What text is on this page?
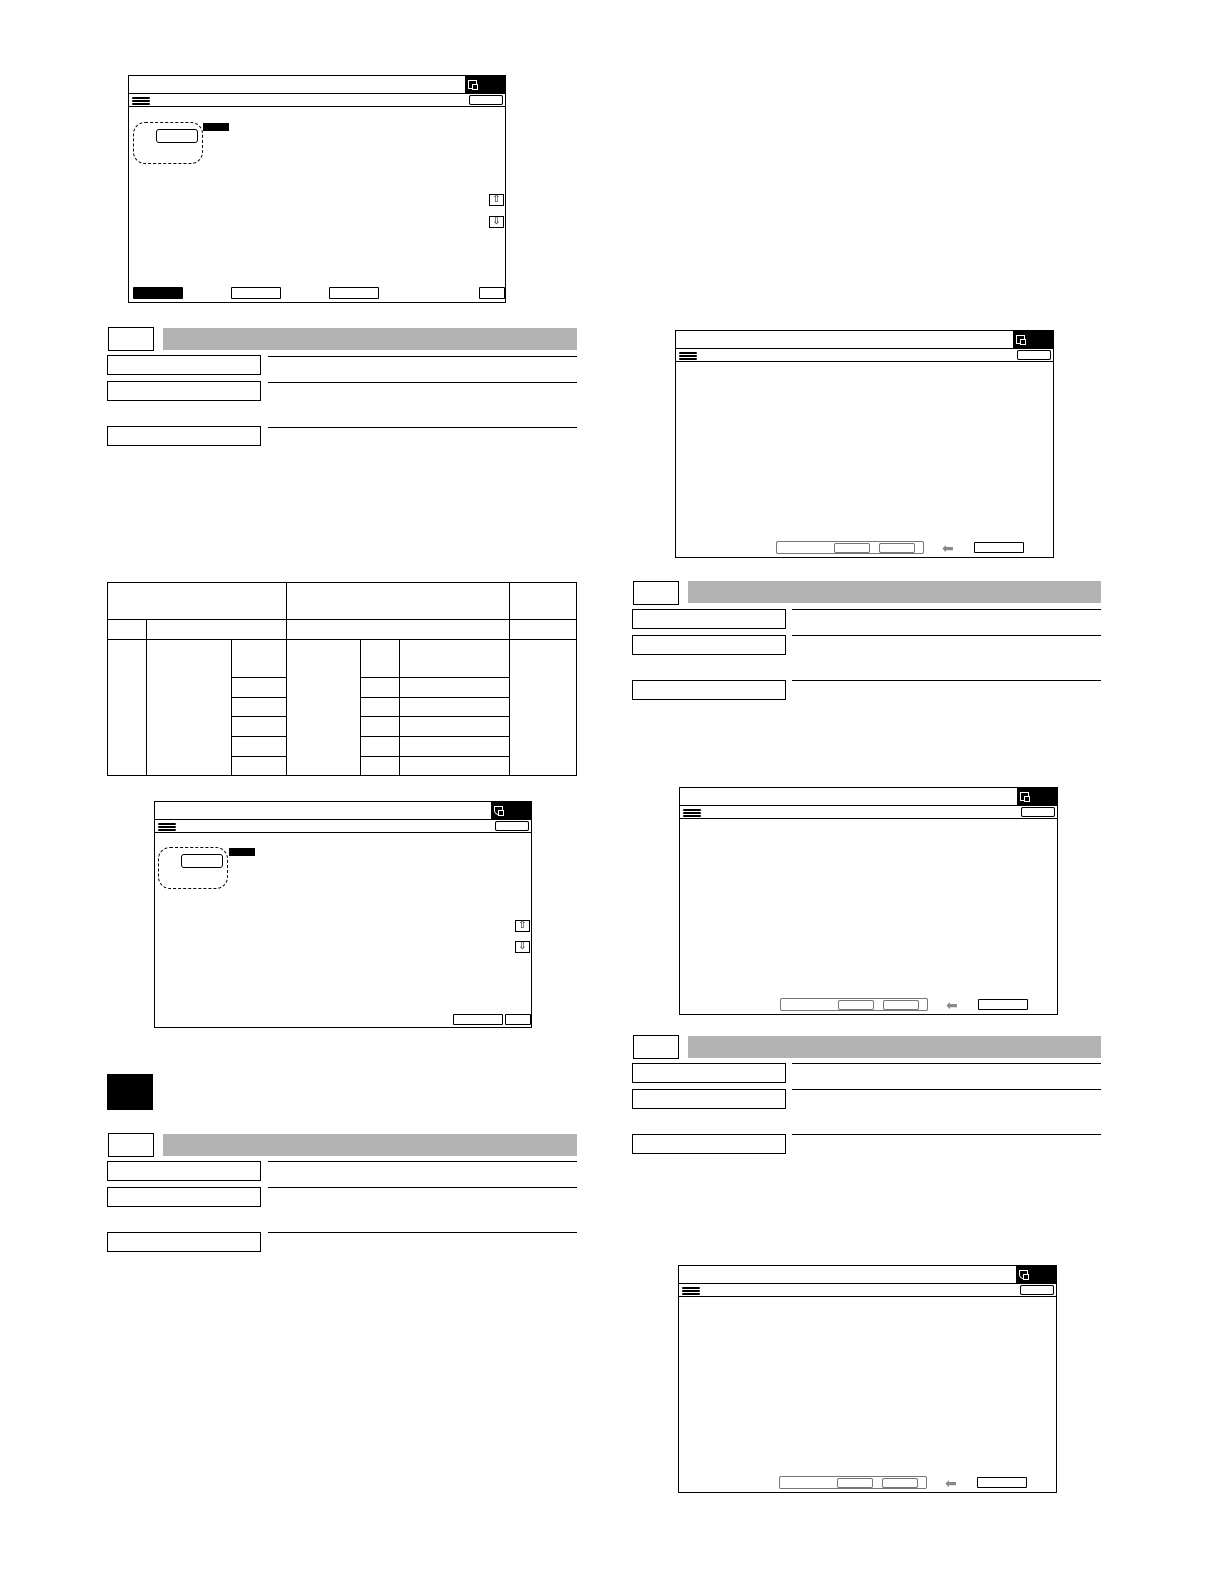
⇧
⇩
⇧
⇩
⬅
⬅
⬅
